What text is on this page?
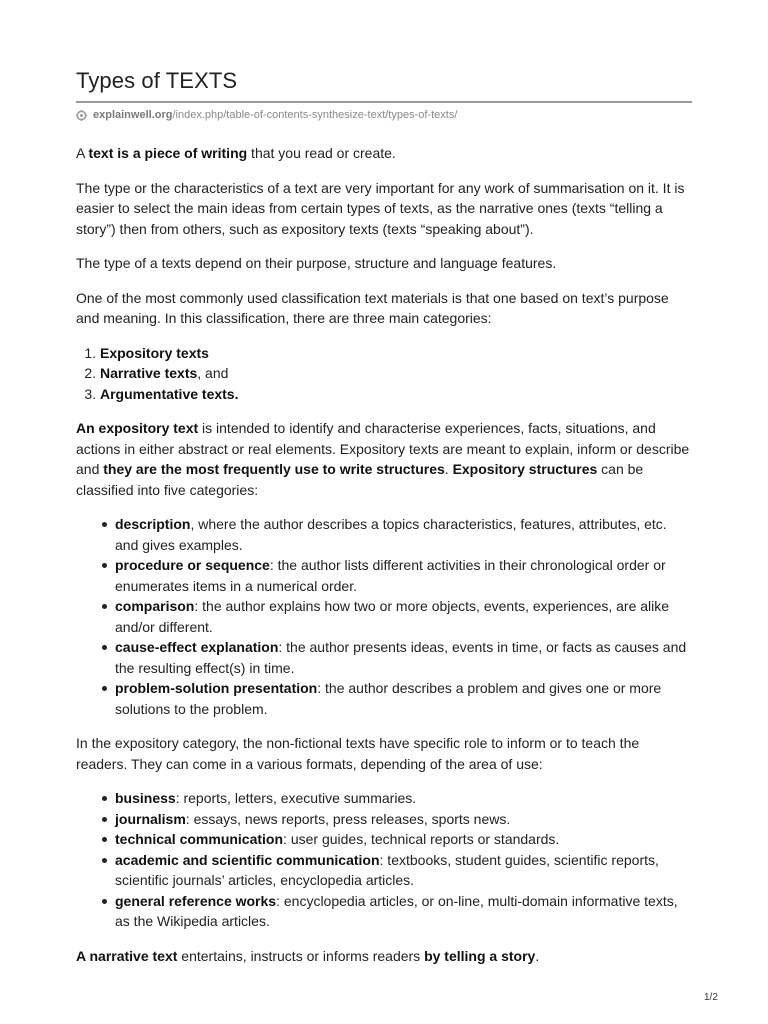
Types of TEXTS
explainwell.org/index.php/table-of-contents-synthesize-text/types-of-texts/

A text is a piece of writing that you read or create.

The type or the characteristics of a text are very important for any work of summarisation on it. It is easier to select the main ideas from certain types of texts, as the narrative ones (texts “telling a story”) then from others, such as expository texts (texts “speaking about”).

The type of a texts depend on their purpose, structure and language features.

One of the most commonly used classification text materials is that one based on text’s purpose and meaning. In this classification, there are three main categories:

1. Expository texts
2. Narrative texts, and
3. Argumentative texts.

An expository text is intended to identify and characterise experiences, facts, situations, and actions in either abstract or real elements. Expository texts are meant to explain, inform or describe and they are the most frequently use to write structures. Expository structures can be classified into five categories:

description, where the author describes a topics characteristics, features, attributes, etc. and gives examples.
procedure or sequence: the author lists different activities in their chronological order or enumerates items in a numerical order.
comparison: the author explains how two or more objects, events, experiences, are alike and/or different.
cause-effect explanation: the author presents ideas, events in time, or facts as causes and the resulting effect(s) in time.
problem-solution presentation: the author describes a problem and gives one or more solutions to the problem.

In the expository category, the non-fictional texts have specific role to inform or to teach the readers. They can come in a various formats, depending of the area of use:

business: reports, letters, executive summaries.
journalism: essays, news reports, press releases, sports news.
technical communication: user guides, technical reports or standards.
academic and scientific communication: textbooks, student guides, scientific reports, scientific journals’ articles, encyclopedia articles.
general reference works: encyclopedia articles, or on-line, multi-domain informative texts, as the Wikipedia articles.

A narrative text entertains, instructs or informs readers by telling a story.

1/2
